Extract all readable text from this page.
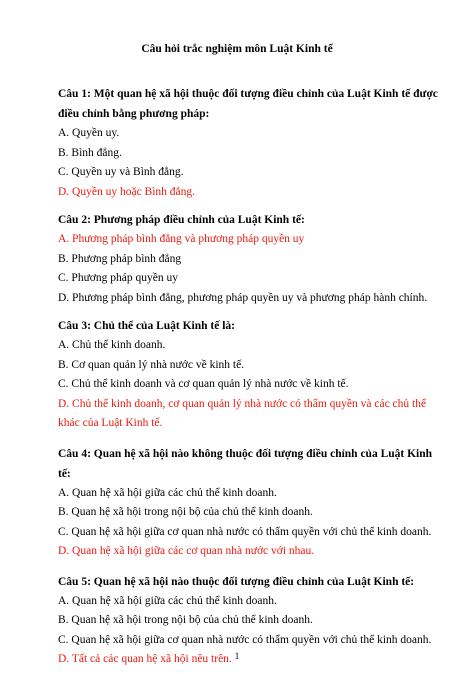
Câu hỏi trắc nghiệm môn Luật Kinh tế

Câu 1: Một quan hệ xã hội thuộc đối tượng điều chỉnh của Luật Kinh tế được điều chỉnh bằng phương pháp:

A. Quyền uy.

B. Bình đẳng.

C. Quyền uy và Bình đẳng.

D. Quyền uy hoặc Bình đẳng.

Câu 2: Phương pháp điều chỉnh của Luật Kinh tế:

A. Phương pháp bình đẳng và phương pháp quyền uy

B. Phương pháp bình đẳng

C. Phương pháp quyền uy

D. Phương pháp bình đẳng, phương pháp quyền uy và phương pháp hành chính.

Câu 3: Chủ thể của Luật Kinh tế là:

A. Chủ thể kinh doanh.

B. Cơ quan quản lý nhà nước về kinh tế.

C. Chủ thể kinh doanh và cơ quan quản lý nhà nước về kinh tế.

D. Chủ thể kinh doanh, cơ quan quản lý nhà nước có thẩm quyền và các chủ thể khác của Luật Kinh tế.

Câu 4: Quan hệ xã hội nào không thuộc đối tượng điều chỉnh của Luật Kinh tế:

A. Quan hệ xã hội giữa các chủ thể kinh doanh.

B. Quan hệ xã hội trong nội bộ của chủ thể kinh doanh.

C. Quan hệ xã hội giữa cơ quan nhà nước có thẩm quyền với chủ thể kinh doanh.

D. Quan hệ xã hội giữa các cơ quan nhà nước với nhau.

Câu 5: Quan hệ xã hội nào thuộc đối tượng điều chỉnh của Luật Kinh tế:

A. Quan hệ xã hội giữa các chủ thể kinh doanh.

B. Quan hệ xã hội trong nội bộ của chủ thể kinh doanh.

C. Quan hệ xã hội giữa cơ quan nhà nước có thẩm quyền với chủ thể kinh doanh.

D. Tất cả các quan hệ xã hội nêu trên. 1
